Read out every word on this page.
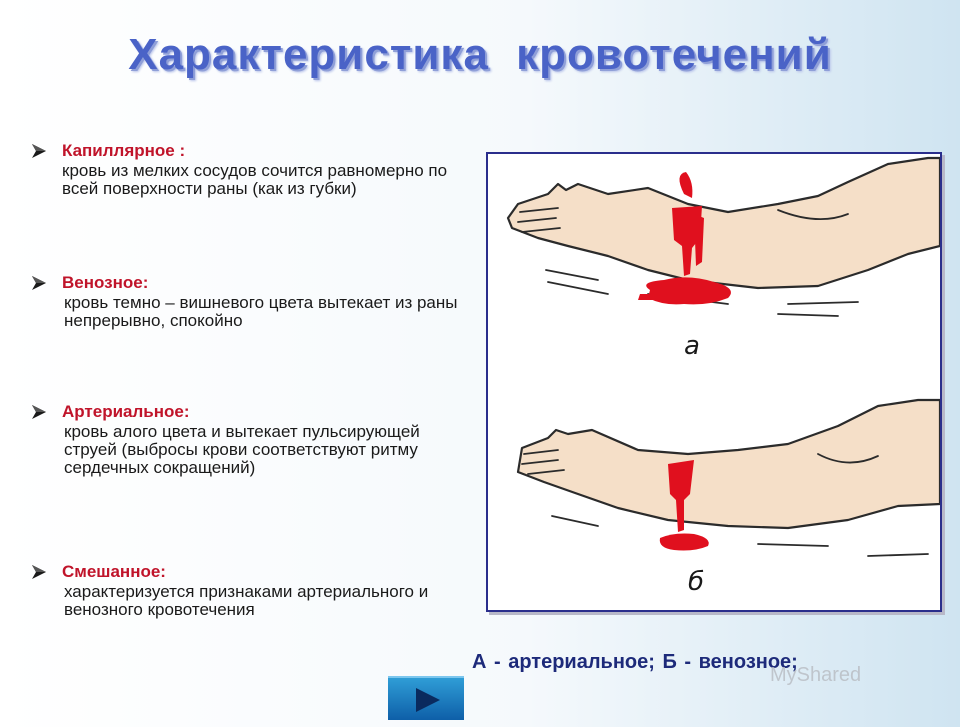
Характеристика кровотечений
Капиллярное :
кровь из мелких сосудов сочится равномерно по всей поверхности раны (как из губки)
Венозное:
кровь темно – вишневого цвета вытекает из раны непрерывно, спокойно
Артериальное:
кровь алого цвета и вытекает пульсирующей струей (выбросы крови соответствуют ритму сердечных сокращений)
Смешанное:
характеризуется признаками артериального и венозного кровотечения
а
б
А - артериальное; Б - венозное;
MyShared
